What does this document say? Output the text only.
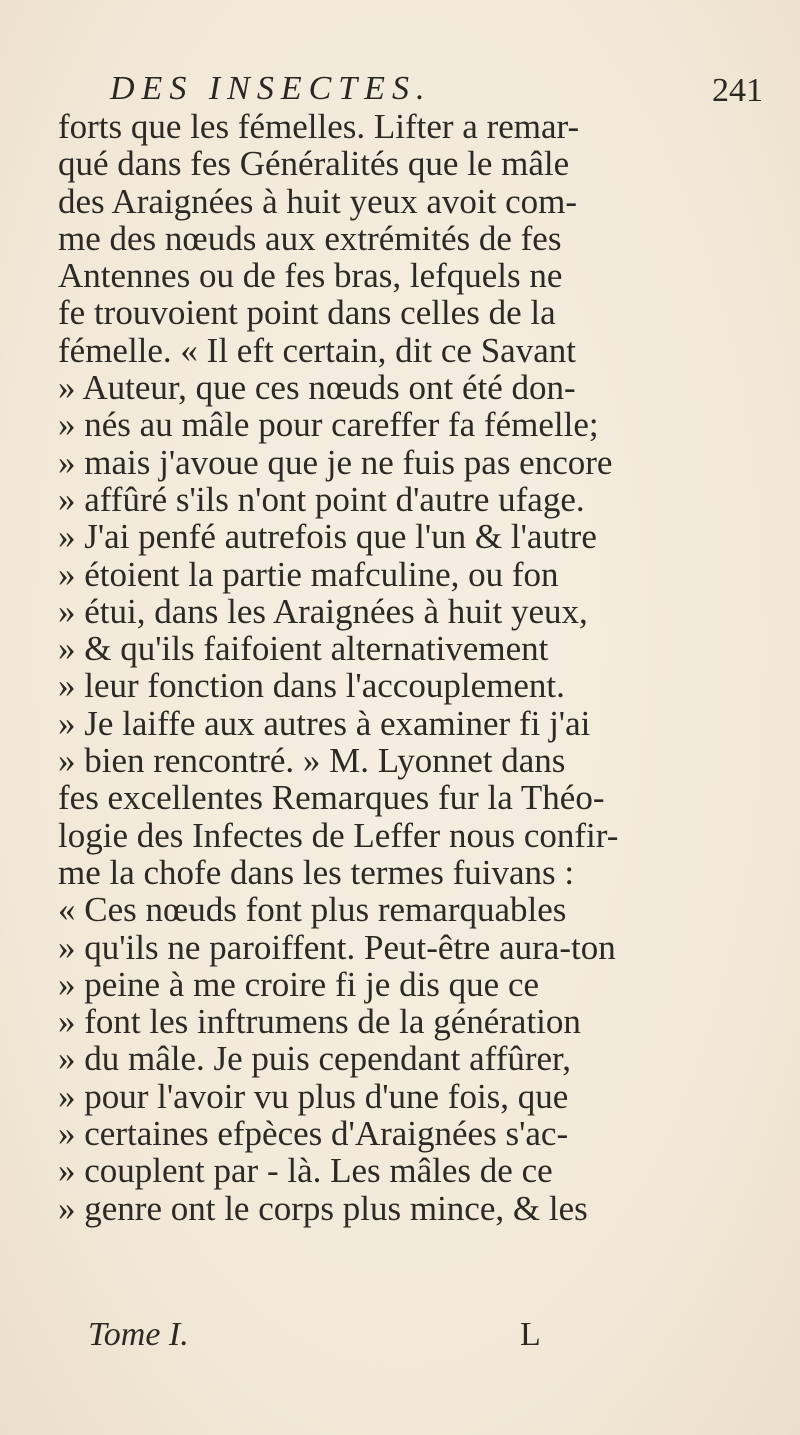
DES INSECTES.	241
forts que les fémelles. Lifter a remar-
qué dans fes Généralités que le mâle
des Araignées à huit yeux avoit com-
me des nœuds aux extrémités de fes
Antennes ou de fes bras, lefquels ne
fe trouvoient point dans celles de la
fémelle. « Il eft certain, dit ce Savant
» Auteur, que ces nœuds ont été don-
» nés au mâle pour careffer fa fémelle;
» mais j'avoue que je ne fuis pas encore
» affûré s'ils n'ont point d'autre ufage.
» J'ai penfé autrefois que l'un & l'autre
» étoient la partie mafculine, ou fon
» étui, dans les Araignées à huit yeux,
» & qu'ils faifoient alternativement
» leur fonction dans l'accouplement.
» Je laiffe aux autres à examiner fi j'ai
» bien rencontré. » M. Lyonnet dans
fes excellentes Remarques fur la Théo-
logie des Infectes de Leffer nous confir-
me la chofe dans les termes fuivans :
« Ces nœuds font plus remarquables
» qu'ils ne paroiffent. Peut-être aura-ton
» peine à me croire fi je dis que ce
» font les inftrumens de la génération
» du mâle. Je puis cependant affûrer,
» pour l'avoir vu plus d'une fois, que
» certaines efpèces d'Araignées s'ac-
» couplent par - là. Les mâles de ce
» genre ont le corps plus mince, & les
Tome I.	L
